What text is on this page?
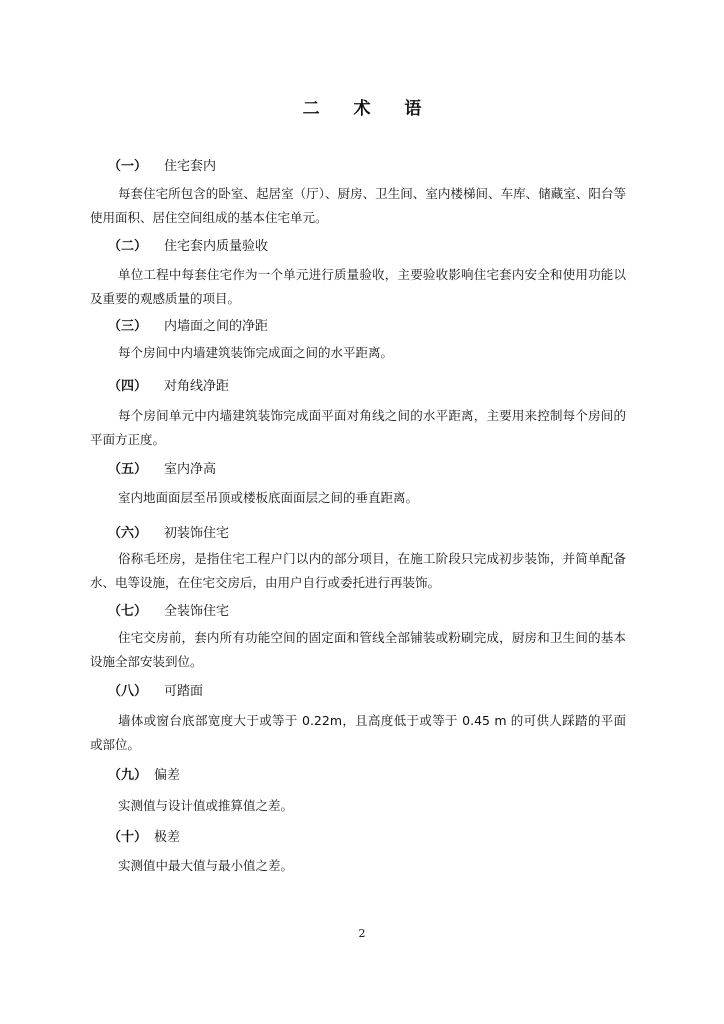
二 术 语
（一） 住宅套内
每套住宅所包含的卧室、起居室（厅）、厨房、卫生间、室内楼梯间、车库、储藏室、阳台等使用面积、居住空间组成的基本住宅单元。
（二） 住宅套内质量验收
单位工程中每套住宅作为一个单元进行质量验收，主要验收影响住宅套内安全和使用功能以及重要的观感质量的项目。
（三） 内墙面之间的净距
每个房间中内墙建筑装饰完成面之间的水平距离。
（四） 对角线净距
每个房间单元中内墙建筑装饰完成面平面对角线之间的水平距离，主要用来控制每个房间的平面方正度。
（五） 室内净高
室内地面面层至吊顶或楼板底面面层之间的垂直距离。
（六） 初装饰住宅
俗称毛坯房，是指住宅工程户门以内的部分项目，在施工阶段只完成初步装饰，并简单配备水、电等设施，在住宅交房后，由用户自行或委托进行再装饰。
（七） 全装饰住宅
住宅交房前，套内所有功能空间的固定面和管线全部铺装或粉刷完成，厨房和卫生间的基本设施全部安装到位。
（八） 可踏面
墙体或窗台底部宽度大于或等于 0.22m，且高度低于或等于 0.45 m 的可供人踩踏的平面或部位。
（九） 偏差
实测值与设计值或推算值之差。
（十） 极差
实测值中最大值与最小值之差。
2
